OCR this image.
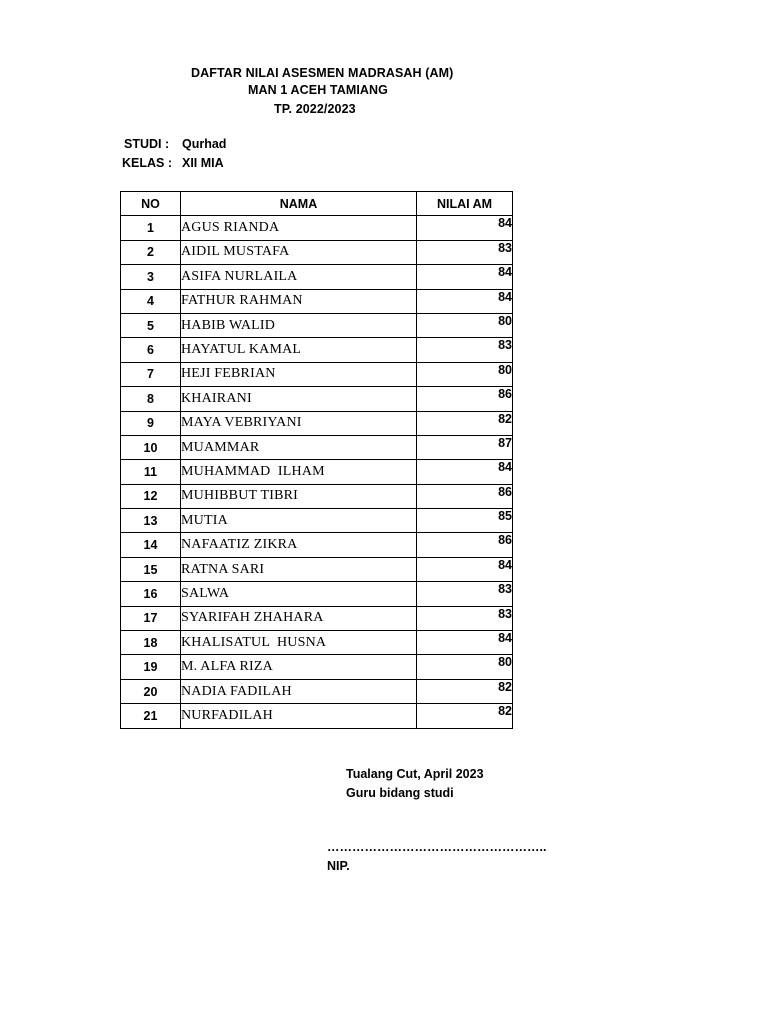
DAFTAR NILAI ASESMEN MADRASAH (AM)
MAN 1 ACEH TAMIANG
TP. 2022/2023
STUDI : Qurhad
KELAS : XII MIA
NO	NAMA	NILAI AM
1	AGUS RIANDA	84
2	AIDIL MUSTAFA	83
3	ASIFA NURLAILA	84
4	FATHUR RAHMAN	84
5	HABIB WALID	80
6	HAYATUL KAMAL	83
7	HEJI FEBRIAN	80
8	KHAIRANI	86
9	MAYA VEBRIYANI	82
10	MUAMMAR	87
11	MUHAMMAD  ILHAM	84
12	MUHIBBUT TIBRI	86
13	MUTIA	85
14	NAFAATIZ ZIKRA	86
15	RATNA SARI	84
16	SALWA	83
17	SYARIFAH ZHAHARA	83
18	KHALISATUL  HUSNA	84
19	M. ALFA RIZA	80
20	NADIA FADILAH	82
21	NURFADILAH	82
Tualang Cut, April 2023
Guru bidang studi
……………………………………………..
NIP.
